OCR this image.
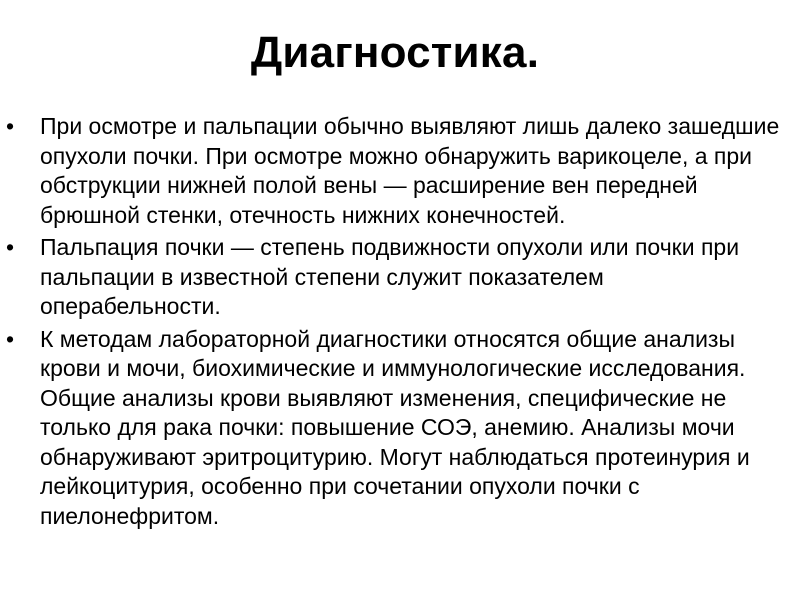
Диагностика.
•	При осмотре и пальпации обычно выявляют лишь далеко зашедшие опухоли почки. При осмотре можно обнаружить варикоцеле, а при обструкции нижней полой вены — расширение вен передней брюшной стенки, отечность нижних конечностей.
•	Пальпация почки — степень подвижности опухоли или почки при пальпации в известной степени служит показателем операбельности.
•	К методам лабораторной диагностики относятся общие анализы крови и мочи, биохимические и иммунологические исследования. Общие анализы крови выявляют изменения, специфические не только для рака почки: повышение СОЭ, анемию. Анализы мочи обнаруживают эритроцитурию. Могут наблюдаться протеинурия и лейкоцитурия, особенно при сочетании опухоли почки с пиелонефритом.
